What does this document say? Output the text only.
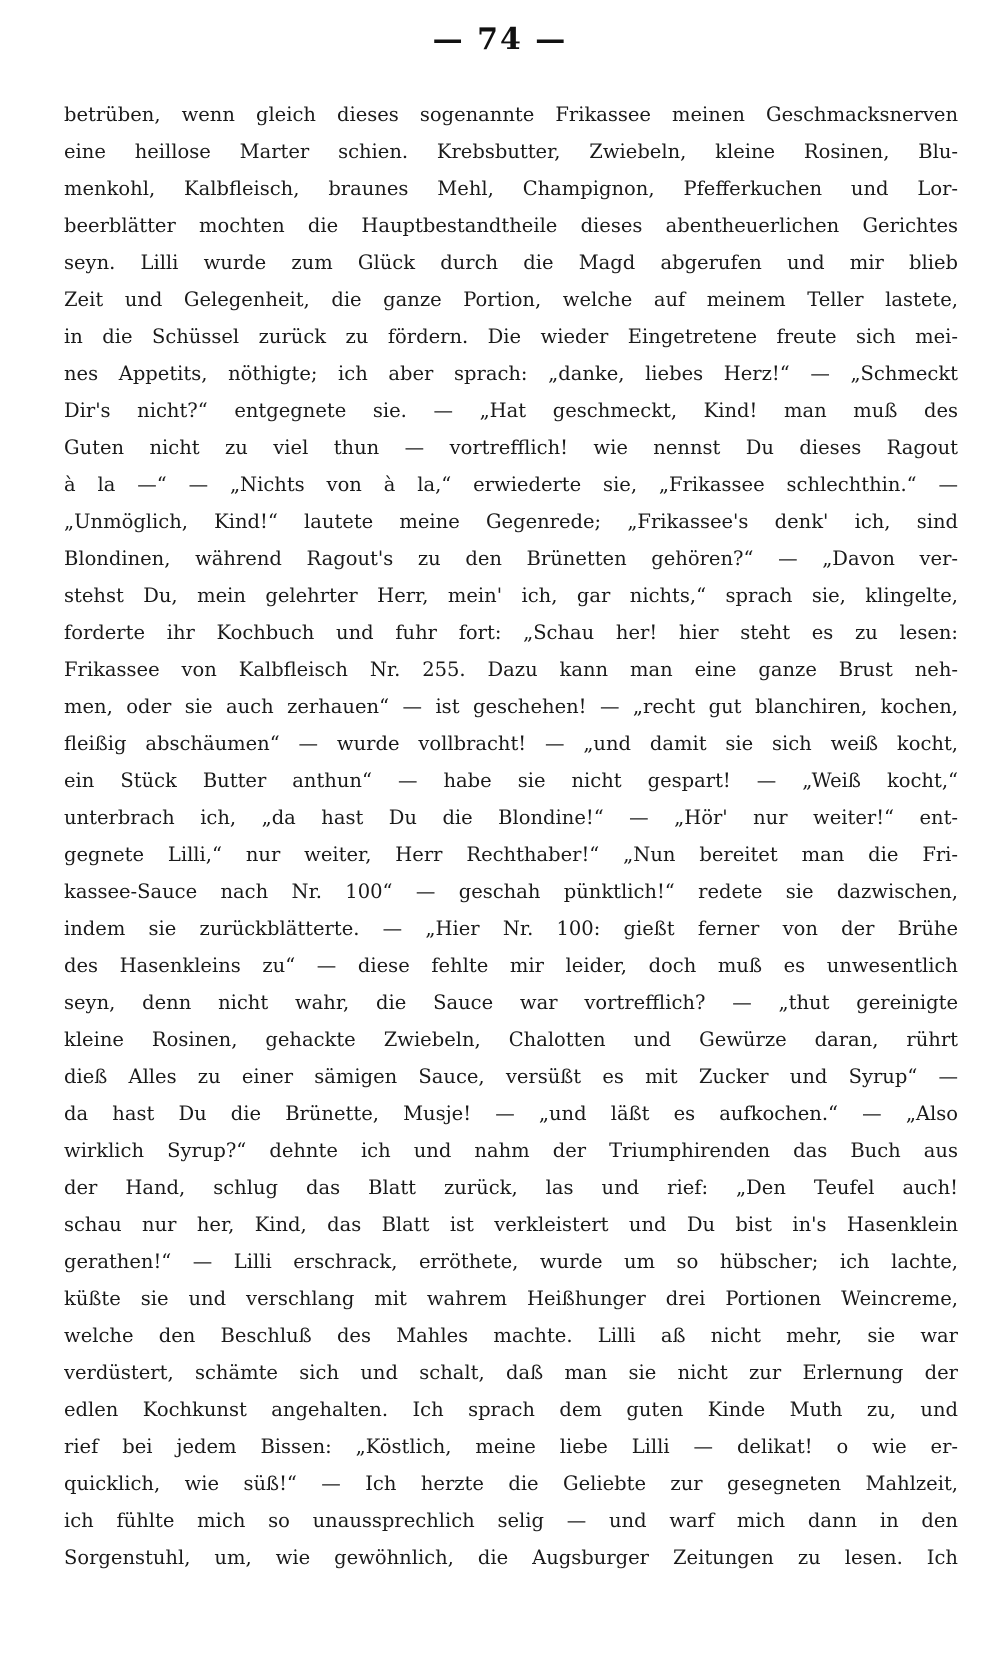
— 74 —
betrüben, wenn gleich dieses sogenannte Frikassee meinen Geschmacksnerven
eine heillose Marter schien. Krebsbutter, Zwiebeln, kleine Rosinen, Blu-
menkohl, Kalbfleisch, braunes Mehl, Champignon, Pfefferkuchen und Lor-
beerblätter mochten die Hauptbestandtheile dieses abentheuerlichen Gerichtes
seyn. Lilli wurde zum Glück durch die Magd abgerufen und mir blieb
Zeit und Gelegenheit, die ganze Portion, welche auf meinem Teller lastete,
in die Schüssel zurück zu fördern. Die wieder Eingetretene freute sich mei-
nes Appetits, nöthigte; ich aber sprach: „danke, liebes Herz!“ — „Schmeckt
Dir's nicht?“ entgegnete sie. — „Hat geschmeckt, Kind! man muß des
Guten nicht zu viel thun — vortrefflich! wie nennst Du dieses Ragout
à la —“ — „Nichts von à la,“ erwiederte sie, „Frikassee schlechthin.“ —
„Unmöglich, Kind!“ lautete meine Gegenrede; „Frikassee's denk' ich, sind
Blondinen, während Ragout's zu den Brünetten gehören?“ — „Davon ver-
stehst Du, mein gelehrter Herr, mein' ich, gar nichts,“ sprach sie, klingelte,
forderte ihr Kochbuch und fuhr fort: „Schau her! hier steht es zu lesen:
Frikassee von Kalbfleisch Nr. 255. Dazu kann man eine ganze Brust neh-
men, oder sie auch zerhauen“ — ist geschehen! — „recht gut blanchiren, kochen,
fleißig abschäumen“ — wurde vollbracht! — „und damit sie sich weiß kocht,
ein Stück Butter anthun“ — habe sie nicht gespart! — „Weiß kocht,“
unterbrach ich, „da hast Du die Blondine!“ — „Hör' nur weiter!“ ent-
gegnete Lilli,“ nur weiter, Herr Rechthaber!“ „Nun bereitet man die Fri-
kassee-Sauce nach Nr. 100“ — geschah pünktlich!“ redete sie dazwischen,
indem sie zurückblätterte. — „Hier Nr. 100: gießt ferner von der Brühe
des Hasenkleins zu“ — diese fehlte mir leider, doch muß es unwesentlich
seyn, denn nicht wahr, die Sauce war vortrefflich? — „thut gereinigte
kleine Rosinen, gehackte Zwiebeln, Chalotten und Gewürze daran, rührt
dieß Alles zu einer sämigen Sauce, versüßt es mit Zucker und Syrup“ —
da hast Du die Brünette, Musje! — „und läßt es aufkochen.“ — „Also
wirklich Syrup?“ dehnte ich und nahm der Triumphirenden das Buch aus
der Hand, schlug das Blatt zurück, las und rief: „Den Teufel auch!
schau nur her, Kind, das Blatt ist verkleistert und Du bist in's Hasenklein
gerathen!“ — Lilli erschrack, erröthete, wurde um so hübscher; ich lachte,
küßte sie und verschlang mit wahrem Heißhunger drei Portionen Weincreme,
welche den Beschluß des Mahles machte. Lilli aß nicht mehr, sie war
verdüstert, schämte sich und schalt, daß man sie nicht zur Erlernung der
edlen Kochkunst angehalten. Ich sprach dem guten Kinde Muth zu, und
rief bei jedem Bissen: „Köstlich, meine liebe Lilli — delikat! o wie er-
quicklich, wie süß!“ — Ich herzte die Geliebte zur gesegneten Mahlzeit,
ich fühlte mich so unaussprechlich selig — und warf mich dann in den
Sorgenstuhl, um, wie gewöhnlich, die Augsburger Zeitungen zu lesen. Ich
